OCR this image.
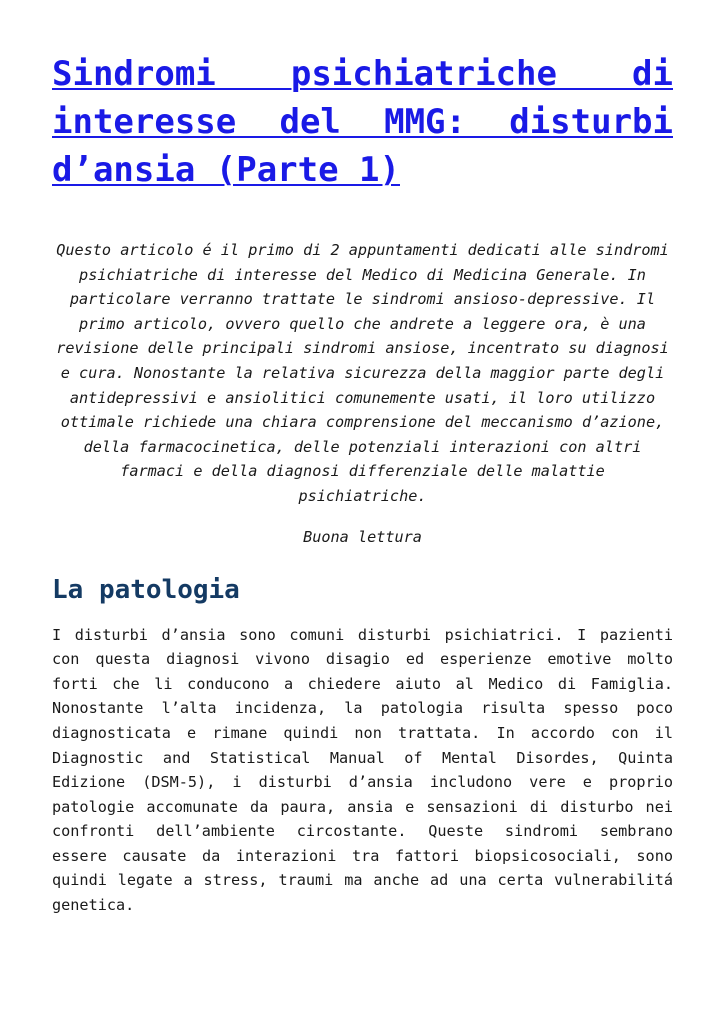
Sindromi psichiatriche di interesse del MMG: disturbi d’ansia (Parte 1)

Questo articolo é il primo di 2 appuntamenti dedicati alle sindromi psichiatriche di interesse del Medico di Medicina Generale. In particolare verranno trattate le sindromi ansioso-depressive. Il primo articolo, ovvero quello che andrete a leggere ora, è una revisione delle principali sindromi ansiose, incentrato su diagnosi e cura. Nonostante la relativa sicurezza della maggior parte degli antidepressivi e ansiolitici comunemente usati, il loro utilizzo ottimale richiede una chiara comprensione del meccanismo d’azione, della farmacocinetica, delle potenziali interazioni con altri farmaci e della diagnosi differenziale delle malattie psichiatriche.

Buona lettura

La patologia

I disturbi d’ansia sono comuni disturbi psichiatrici. I pazienti con questa diagnosi vivono disagio ed esperienze emotive molto forti che li conducono a chiedere aiuto al Medico di Famiglia. Nonostante l’alta incidenza, la patologia risulta spesso poco diagnosticata e rimane quindi non trattata. In accordo con il Diagnostic and Statistical Manual of Mental Disordes, Quinta Edizione (DSM-5), i disturbi d’ansia includono vere e proprio patologie accomunate da paura, ansia e sensazioni di disturbo nei confronti dell’ambiente circostante. Queste sindromi sembrano essere causate da interazioni tra fattori biopsicosociali, sono quindi legate a stress, traumi ma anche ad una certa vulnerabilitá genetica.
